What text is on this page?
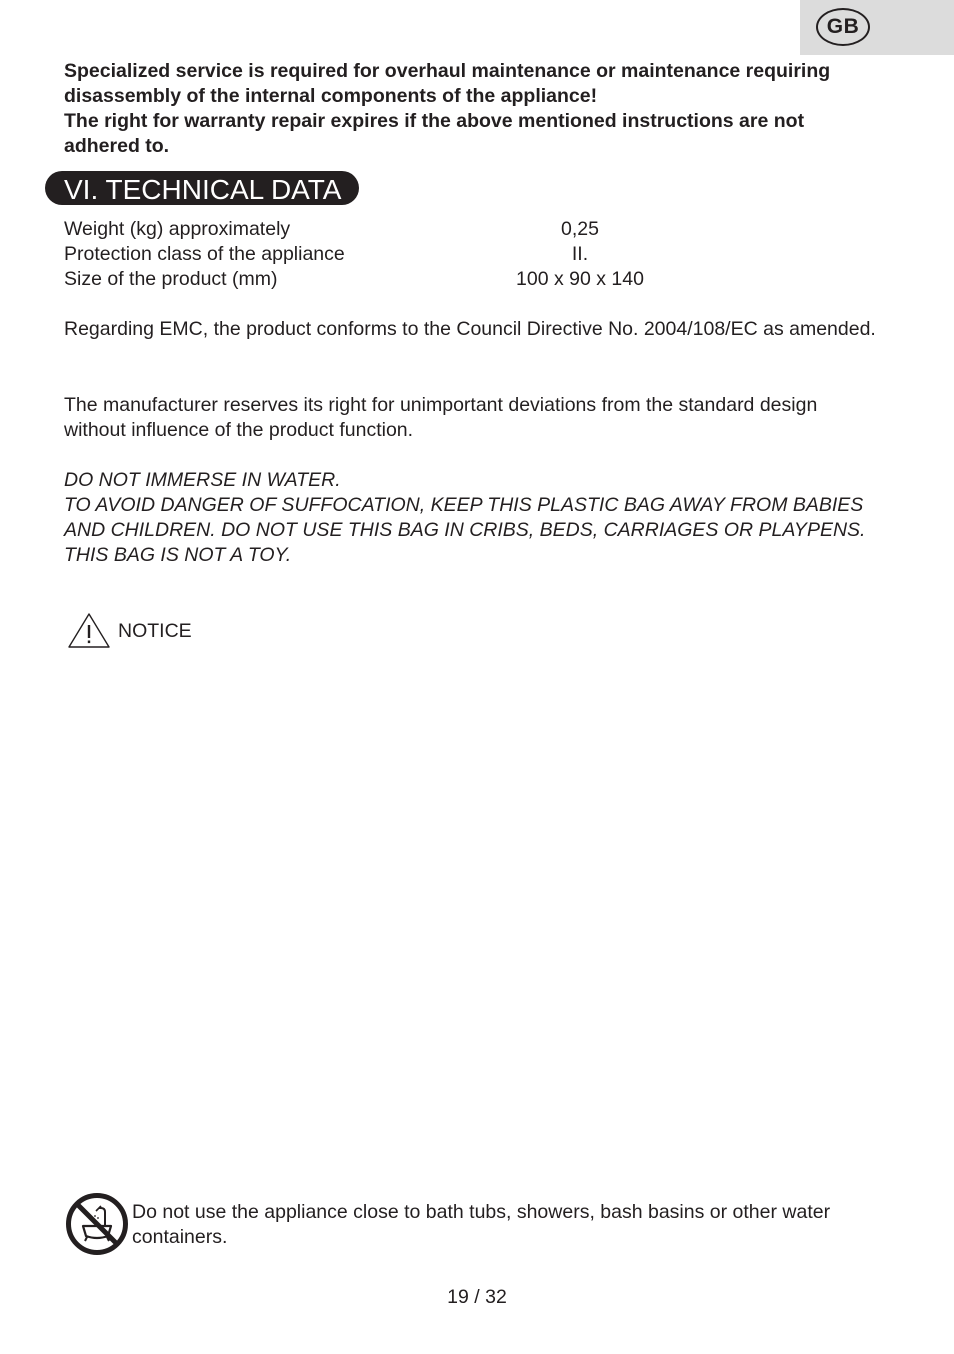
GB
Specialized service is required for overhaul maintenance or maintenance requiring disassembly of the internal components of the appliance!
The right for warranty repair expires if the above mentioned instructions are not adhered to.
VI. TECHNICAL DATA
Weight (kg) approximately	0,25
Protection class of the appliance	II.
Size of the product (mm)	100 x 90 x 140
Regarding EMC, the product conforms to the Council Directive No. 2004/108/EC as amended.
The manufacturer reserves its right for unimportant deviations from the standard design without influence of the product function.
DO NOT IMMERSE IN WATER.
TO AVOID DANGER OF SUFFOCATION, KEEP THIS PLASTIC BAG AWAY FROM BABIES AND CHILDREN. DO NOT USE THIS BAG IN CRIBS, BEDS, CARRIAGES OR PLAYPENS. THIS BAG IS NOT A TOY.
NOTICE
Do not use the appliance close to bath tubs, showers, bash basins or other water containers.
19 / 32
